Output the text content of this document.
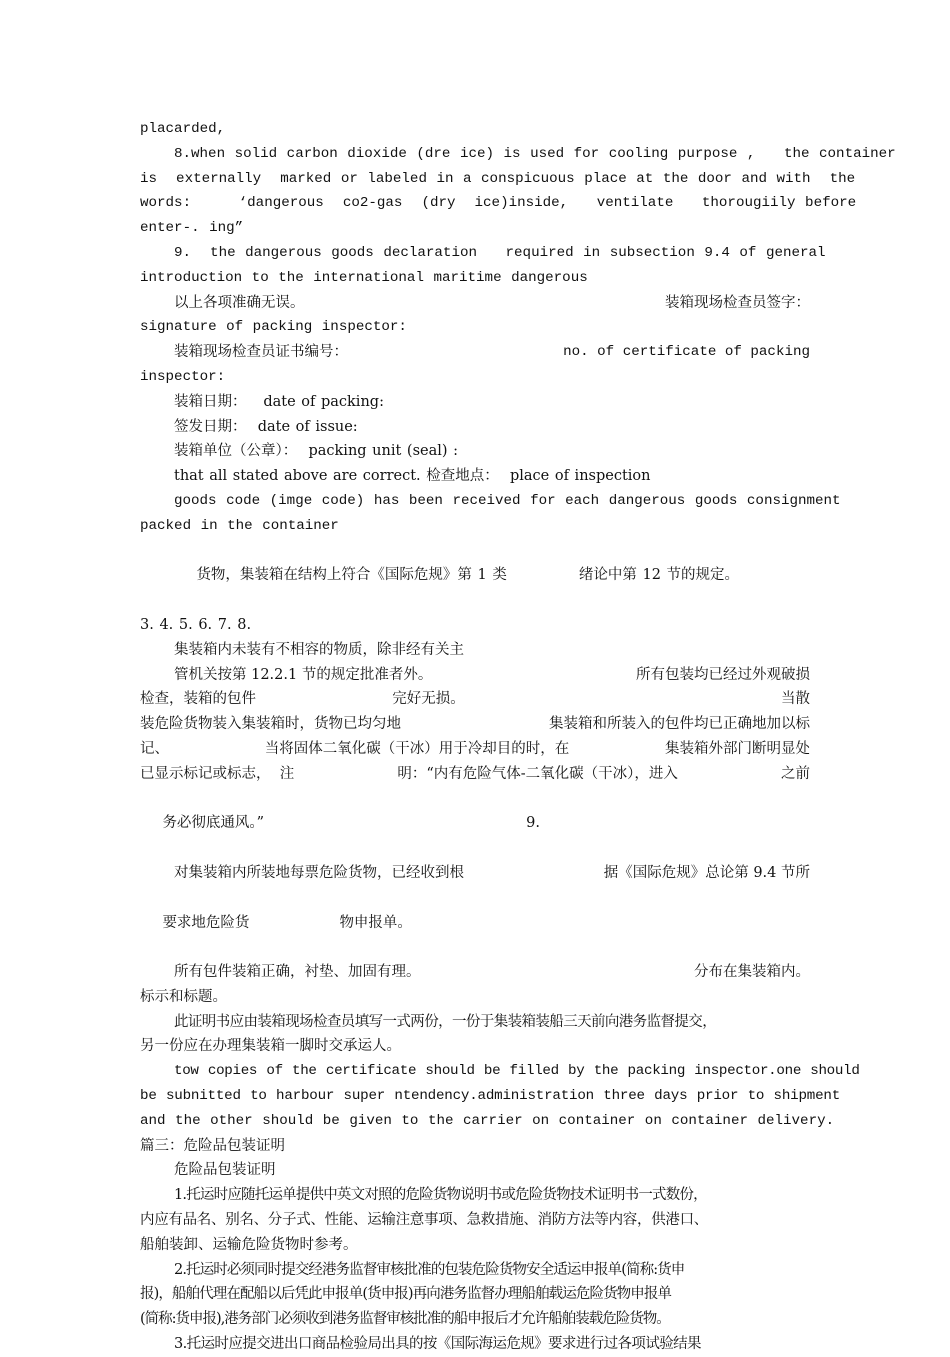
placarded,
8.when solid carbon dioxide (dre ice) is used for cooling purpose ,   the container
is  externally  marked or labeled in a conspicuous place at the door and with  the
words:     ‘dangerous  co2-gas  (dry  ice)inside,   ventilate   thorougiily before
enter-. ing”
9.  the dangerous goods declaration   required in subsection 9.4 of general
introduction to the international maritime dangerous
以上各项准确无误。	装箱现场检查员签字：
signature of packing inspector:
装箱现场检查员证书编号：	no. of certificate of packing
inspector:
装箱日期：   date of packing:
签发日期：  date of issue:
装箱单位（公章）：  packing unit (seal) :
that all stated above are correct. 检查地点：  place of inspection
goods code (imge code) has been received for each dangerous goods consignment
packed in the container

货物，集装箱在结构上符合《国际危规》第 1 类	绪论中第 12 节的规定。

3. 4. 5. 6. 7. 8.
集装箱内未装有不相容的物质，除非经有关主
管机关按第 12.2.1 节的规定批准者外。	所有包装均已经过外观破损
检查，装箱的包件	完好无损。	当散
装危险货物装入集装箱时，货物已均匀地	集装箱和所装入的包件均已正确地加以标
记、	当将固体二氧化碳（干冰）用于冷却目的时，在	集装箱外部门断明显处
已显示标记或标志，  注	明：“内有危险气体-二氧化碳（干冰），进入	之前

务必彻底通风。”	9.

对集装箱内所装地每票危险货物，已经收到根	据《国际危规》总论第 9.4 节所

要求地危险货	物申报单。

所有包件装箱正确，衬垫、加固有理。	分布在集装箱内。
标示和标题。
此证明书应由装箱现场检查员填写一式两份，一份于集装箱装船三天前向港务监督提交，
另一份应在办理集装箱一脚时交承运人。
tow copies of the certificate should be filled by the packing inspector.one should
be subnitted to harbour super ntendency.administration three days prior to shipment
and the other should be given to the carrier on container on container delivery.
篇三：危险品包装证明
危险品包装证明
1.托运时应随托运单提供中英文对照的危险货物说明书或危险货物技术证明书一式数份，
内应有品名、别名、分子式、性能、运输注意事项、急救措施、消防方法等内容，供港口、
船舶装卸、运输危险货物时参考。
2.托运时必须同时提交经港务监督审核批准的包装危险货物安全适运申报单(简称:货申
报)，船舶代理在配船以后凭此申报单(货申报)再向港务监督办理船舶载运危险货物申报单
(简称:货申报),港务部门必须收到港务监督审核批准的船申报后才允许船舶装载危险货物。
3.托运时应提交进出口商品检验局出具的按《国际海运危规》要求进行过各项试验结果
